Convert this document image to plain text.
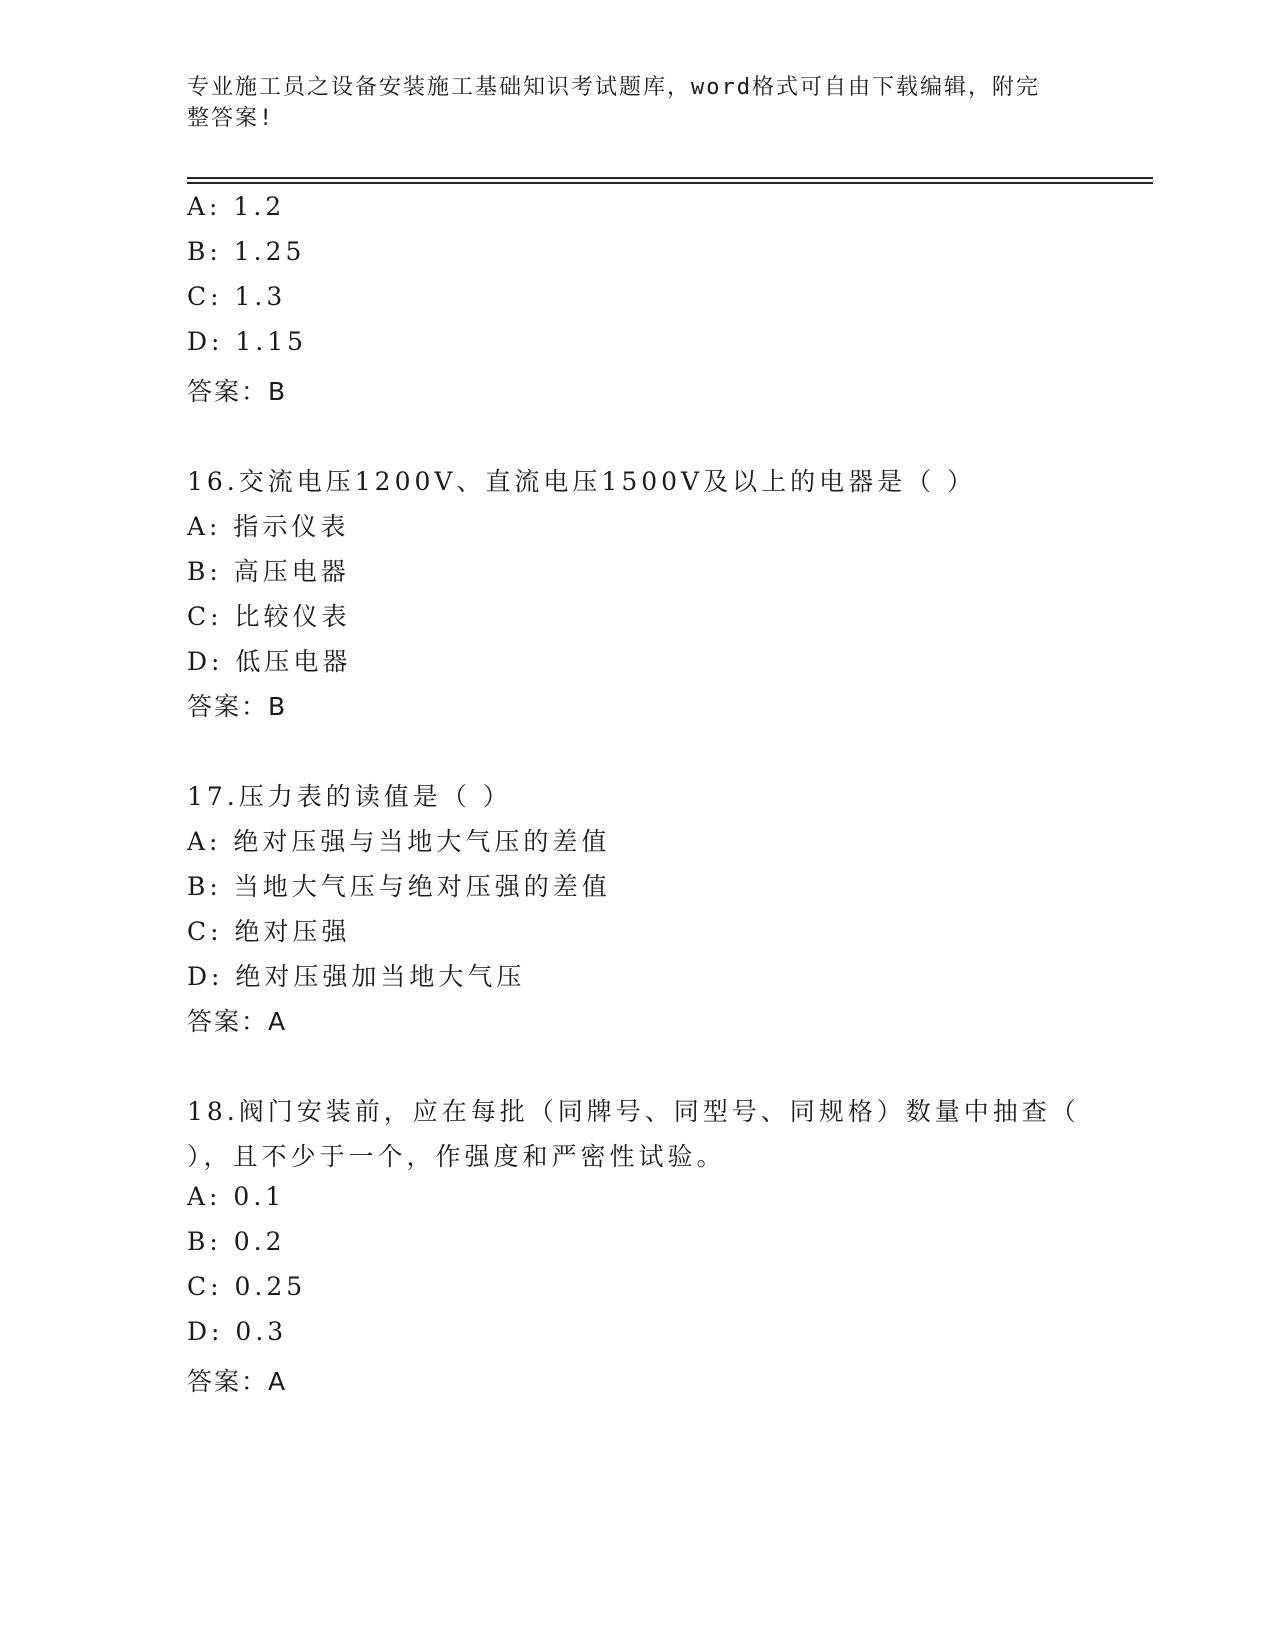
专业施工员之设备安装施工基础知识考试题库，word格式可自由下载编辑，附完
整答案!
A: 1.2
B: 1.25
C: 1.3
D: 1.15
答案：B
16.交流电压1200V、直流电压1500V及以上的电器是（ ）
A: 指示仪表
B: 高压电器
C: 比较仪表
D: 低压电器
答案：B
17.压力表的读值是（ ）
A: 绝对压强与当地大气压的差值
B: 当地大气压与绝对压强的差值
C: 绝对压强
D: 绝对压强加当地大气压
答案：A
18.阀门安装前，应在每批（同牌号、同型号、同规格）数量中抽查（
），且不少于一个，作强度和严密性试验。
A: 0.1
B: 0.2
C: 0.25
D: 0.3
答案：A
